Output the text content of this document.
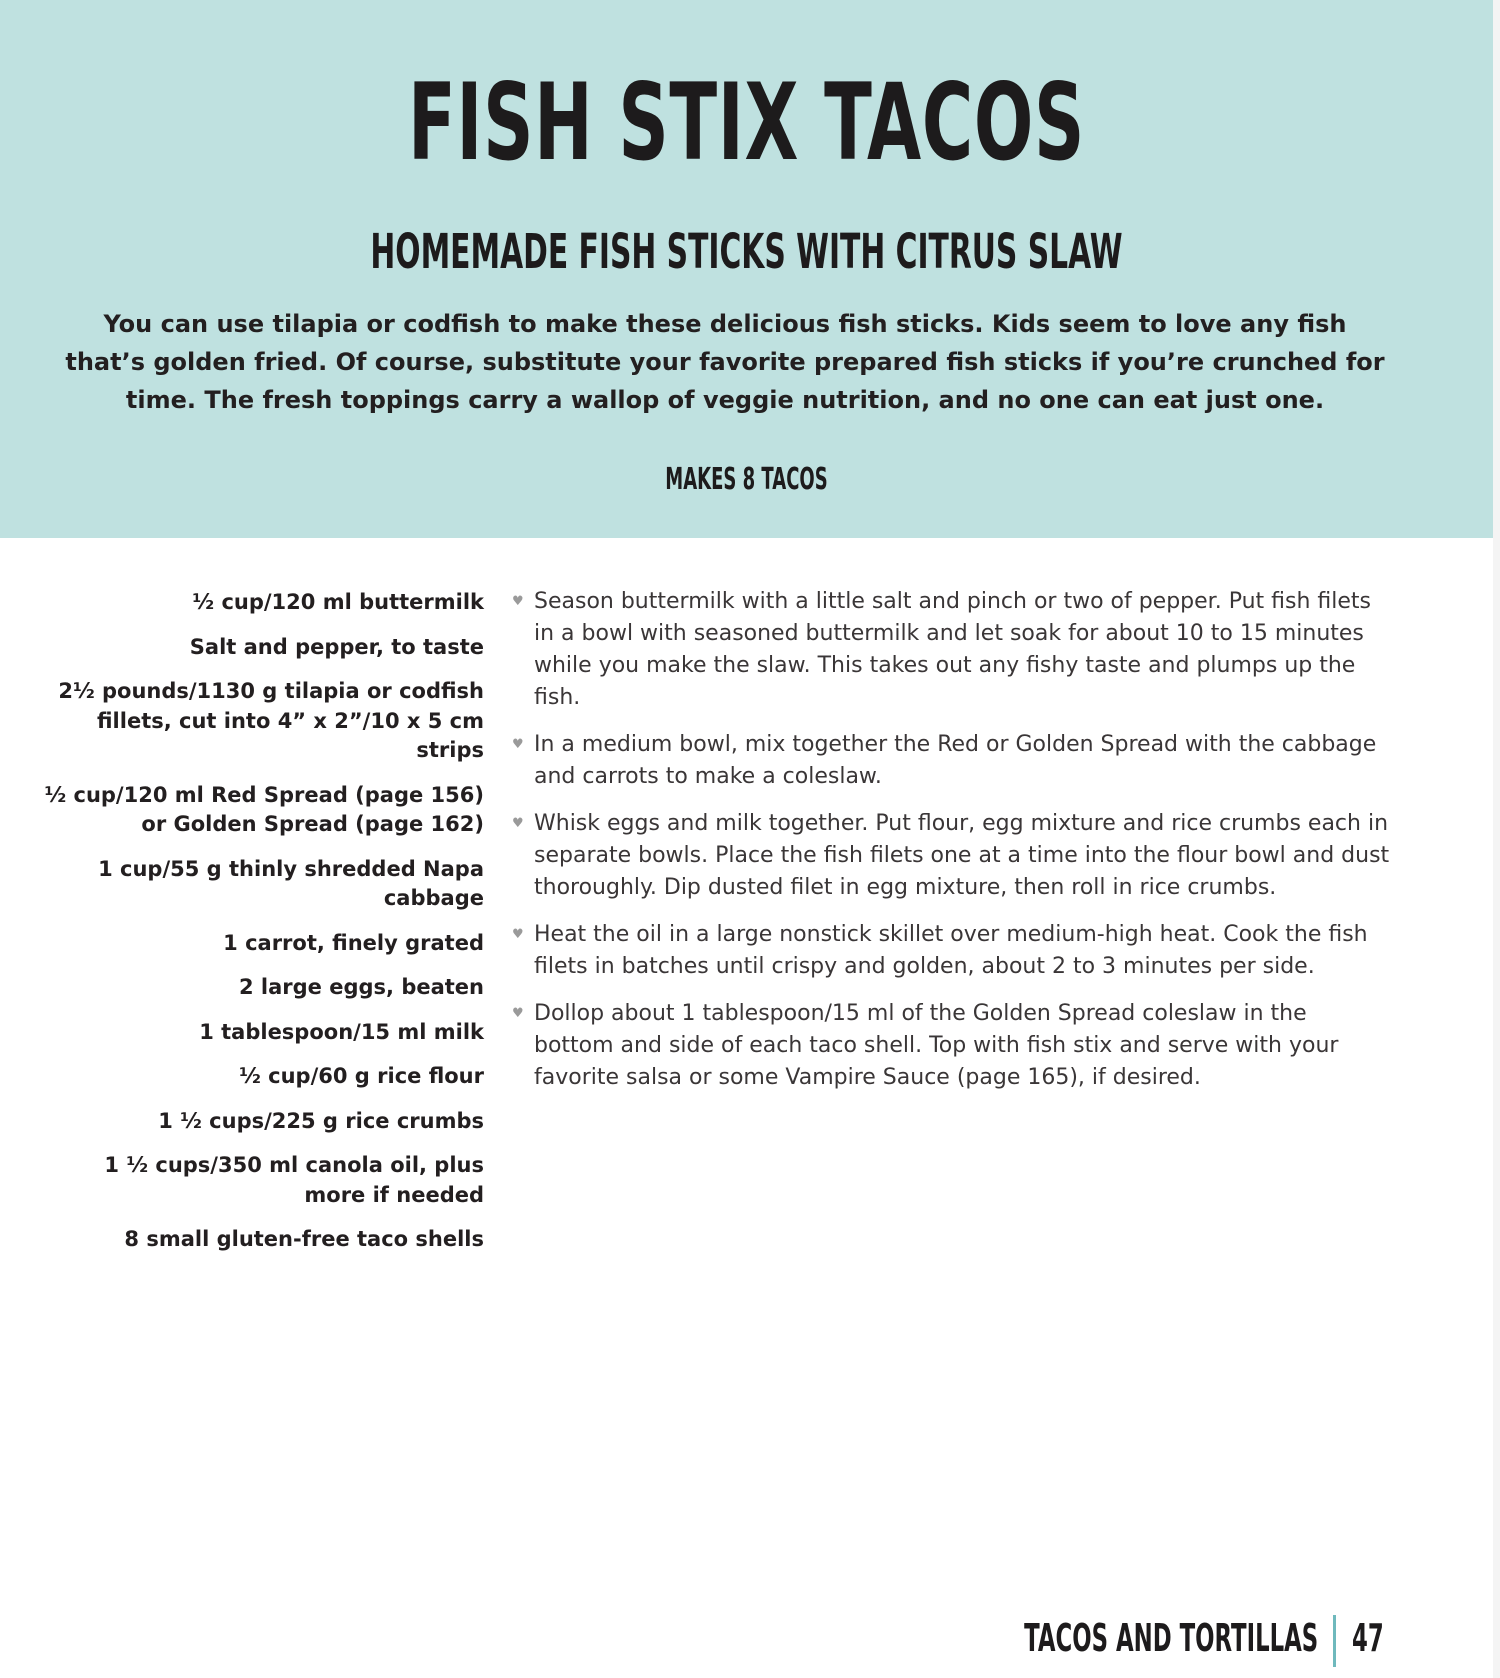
FISH STIX TACOS
HOMEMADE FISH STICKS WITH CITRUS SLAW

You can use tilapia or codfish to make these delicious fish sticks. Kids seem to love any fish that’s golden fried. Of course, substitute your favorite prepared fish sticks if you’re crunched for time. The fresh toppings carry a wallop of veggie nutrition, and no one can eat just one.

MAKES 8 TACOS
½ cup/120 ml buttermilk
Salt and pepper, to taste
2½ pounds/1130 g tilapia or codfish fillets, cut into 4” x 2”/10 x 5 cm strips
½ cup/120 ml Red Spread (page 156) or Golden Spread (page 162)
1 cup/55 g thinly shredded Napa cabbage
1 carrot, finely grated
2 large eggs, beaten
1 tablespoon/15 ml milk
½ cup/60 g rice flour
1 ½ cups/225 g rice crumbs
1 ½ cups/350 ml canola oil, plus more if needed
8 small gluten-free taco shells
♥ Season buttermilk with a little salt and pinch or two of pepper. Put fish filets in a bowl with seasoned buttermilk and let soak for about 10 to 15 minutes while you make the slaw. This takes out any fishy taste and plumps up the fish.
♥ In a medium bowl, mix together the Red or Golden Spread with the cabbage and carrots to make a coleslaw.
♥ Whisk eggs and milk together. Put flour, egg mixture and rice crumbs each in separate bowls. Place the fish filets one at a time into the flour bowl and dust thoroughly. Dip dusted filet in egg mixture, then roll in rice crumbs.
♥ Heat the oil in a large nonstick skillet over medium-high heat. Cook the fish filets in batches until crispy and golden, about 2 to 3 minutes per side.
♥ Dollop about 1 tablespoon/15 ml of the Golden Spread coleslaw in the bottom and side of each taco shell. Top with fish stix and serve with your favorite salsa or some Vampire Sauce (page 165), if desired.
TACOS AND TORTILLAS 47
